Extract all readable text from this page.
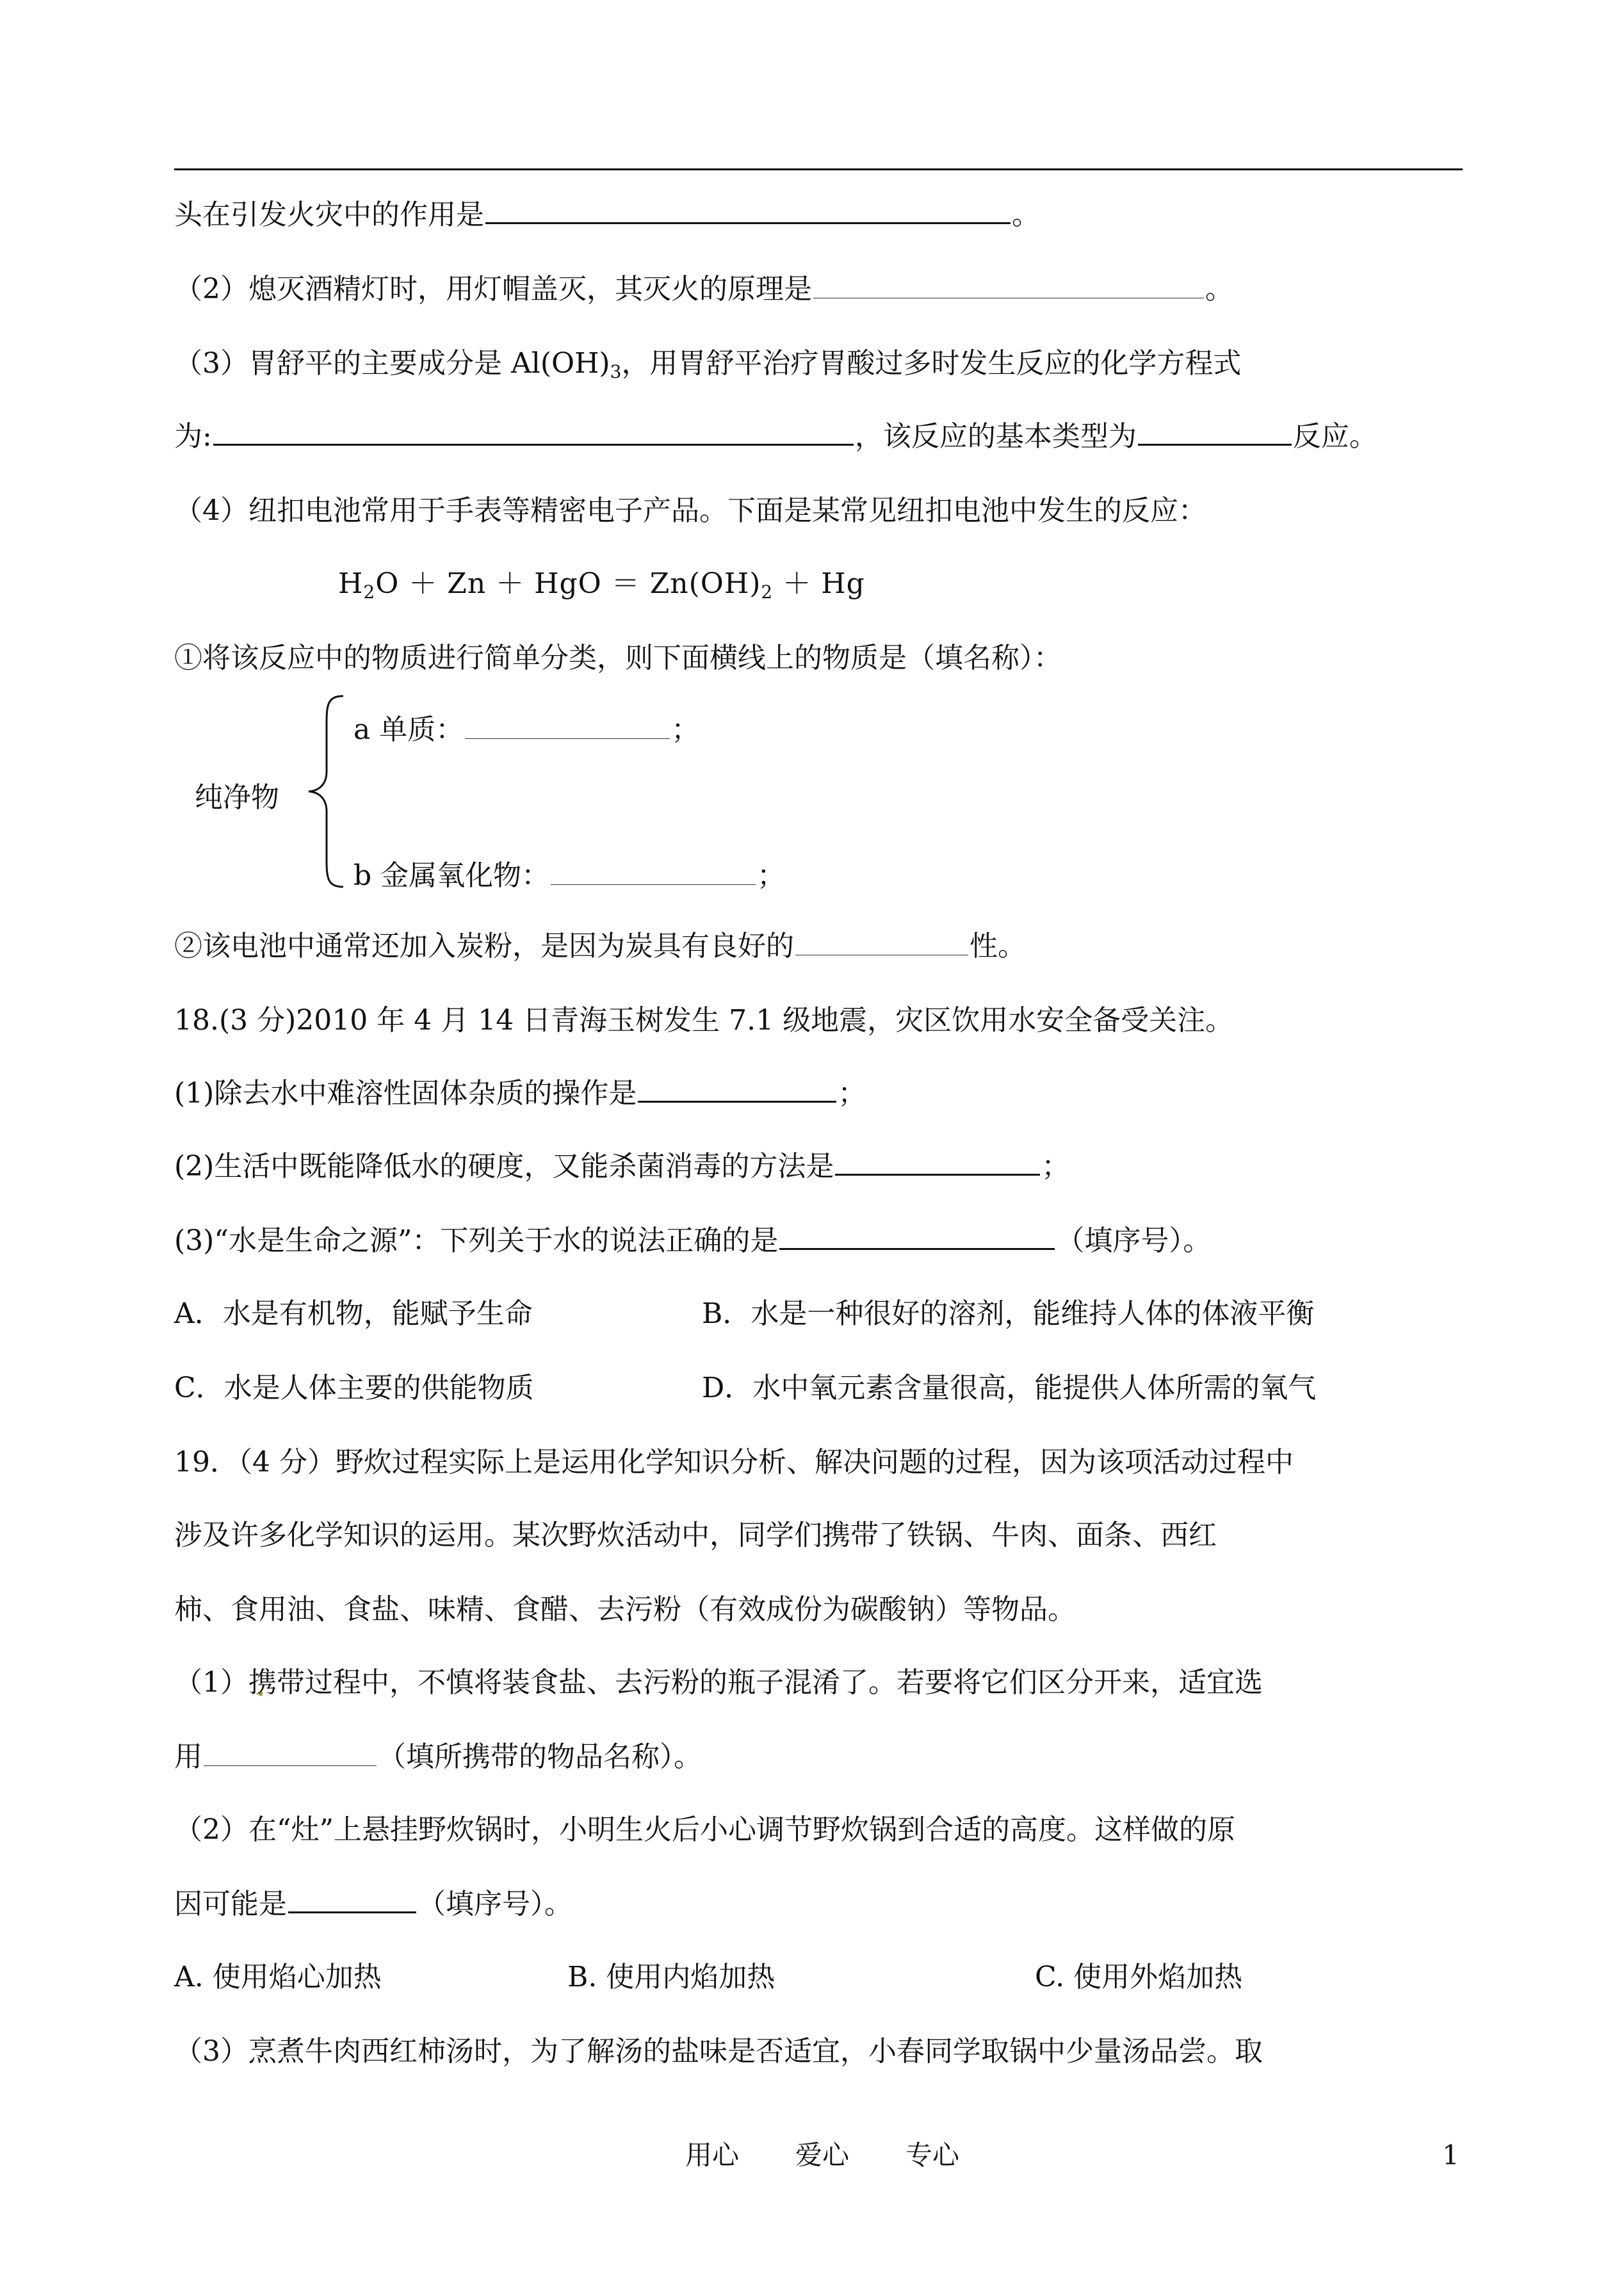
头在引发火灾中的作用是	。
（2）熄灭酒精灯时，用灯帽盖灭，其灭火的原理是	。
（3）胃舒平的主要成分是 $Al(OH)_3$，用胃舒平治疗胃酸过多时发生反应的化学方程式
为:	，该反应的基本类型为	反应。
（4）纽扣电池常用于手表等精密电子产品。下面是某常见纽扣电池中发生的反应：
$H_2O + Zn$ ＋ HgO ＝ $Zn(OH)_2 + Hg$
①将该反应中的物质进行简单分类，则下面横线上的物质是（填名称）：
a 单质：	；
纯净物
b 金属氧化物：	；
②该电池中通常还加入炭粉，是因为炭具有良好的	性。
18.(3 分)2010 年 4 月 14 日青海玉树发生 7.1 级地震，灾区饮用水安全备受关注。
(1)除去水中难溶性固体杂质的操作是	；
(2)生活中既能降低水的硬度，又能杀菌消毒的方法是	；
(3)“水是生命之源”：下列关于水的说法正确的是	（填序号）。
A．水是有机物，能赋予生命	B．水是一种很好的溶剂，能维持人体的体液平衡
C．水是人体主要的供能物质	D．水中氧元素含量很高，能提供人体所需的氧气
19．（4 分）野炊过程实际上是运用化学知识分析、解决问题的过程，因为该项活动过程中
涉及许多化学知识的运用。某次野炊活动中，同学们携带了铁锅、牛肉、面条、西红
柿、食用油、食盐、味精、食醋、去污粉（有效成份为碳酸钠）等物品。
（1）携带过程中，不慎将装食盐、去污粉的瓶子混淆了。若要将它们区分开来，适宜选
用	（填所携带的物品名称）。
（2）在“灶”上悬挂野炊锅时，小明生火后小心调节野炊锅到合适的高度。这样做的原
因可能是	（填序号）。
A. 使用焰心加热	B. 使用内焰加热	C. 使用外焰加热
（3）烹煮牛肉西红柿汤时，为了解汤的盐味是否适宜，小春同学取锅中少量汤品尝。取
用心 爱心 专心	1
